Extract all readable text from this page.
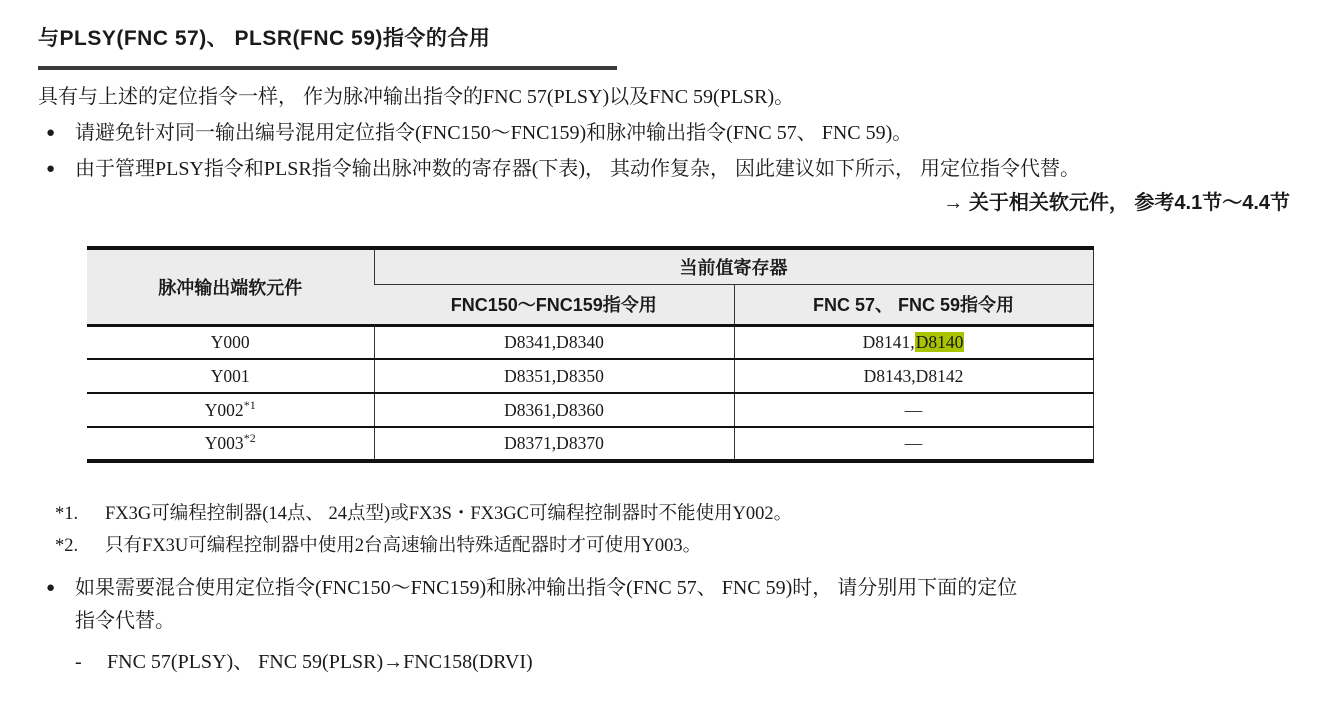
与PLSY(FNC 57)、 PLSR(FNC 59)指令的合用
具有与上述的定位指令一样， 作为脉冲输出指令的FNC 57(PLSY)以及FNC 59(PLSR)。
● 请避免针对同一输出编号混用定位指令(FNC150～FNC159)和脉冲输出指令(FNC 57、 FNC 59)。
● 由于管理PLSY指令和PLSR指令输出脉冲数的寄存器(下表)， 其动作复杂， 因此建议如下所示， 用定位指令代替。
→ 关于相关软元件， 参考4.1节～4.4节
脉冲输出端软元件	当前值寄存器	
	FNC150～FNC159指令用	FNC 57、 FNC 59指令用
Y000	D8341,D8340	D8141,D8140
Y001	D8351,D8350	D8143,D8142
Y002$^{*1}$	D8361,D8360	—
Y003$^{*2}$	D8371,D8370	—
*1.	FX3G可编程控制器(14点、 24点型)或FX3S・FX3GC可编程控制器时不能使用Y002。
*2.	只有FX3U可编程控制器中使用2台高速输出特殊适配器时才可使用Y003。
● 如果需要混合使用定位指令(FNC150～FNC159)和脉冲输出指令(FNC 57、 FNC 59)时， 请分别用下面的定位
指令代替。
-	FNC 57(PLSY)、 FNC 59(PLSR)→FNC158(DRVI)
